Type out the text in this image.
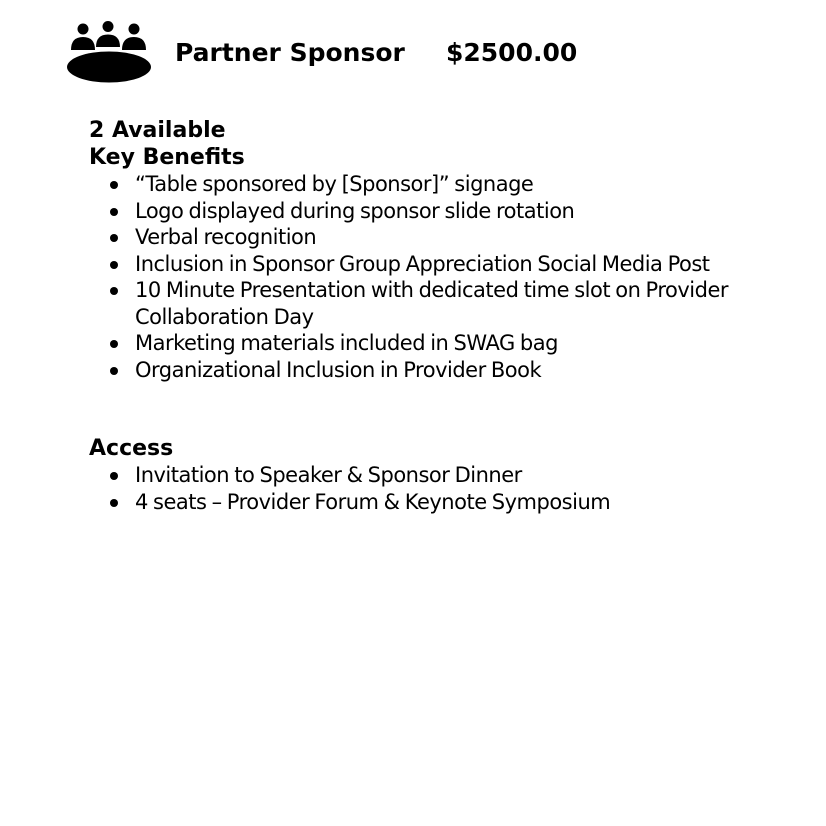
Partner Sponsor $2500.00
2 Available
Key Benefits
“Table sponsored by [Sponsor]” signage
Logo displayed during sponsor slide rotation
Verbal recognition
Inclusion in Sponsor Group Appreciation Social Media Post
10 Minute Presentation with dedicated time slot on Provider Collaboration Day
Marketing materials included in SWAG bag
Organizational Inclusion in Provider Book
Access
Invitation to Speaker & Sponsor Dinner
4 seats – Provider Forum & Keynote Symposium
